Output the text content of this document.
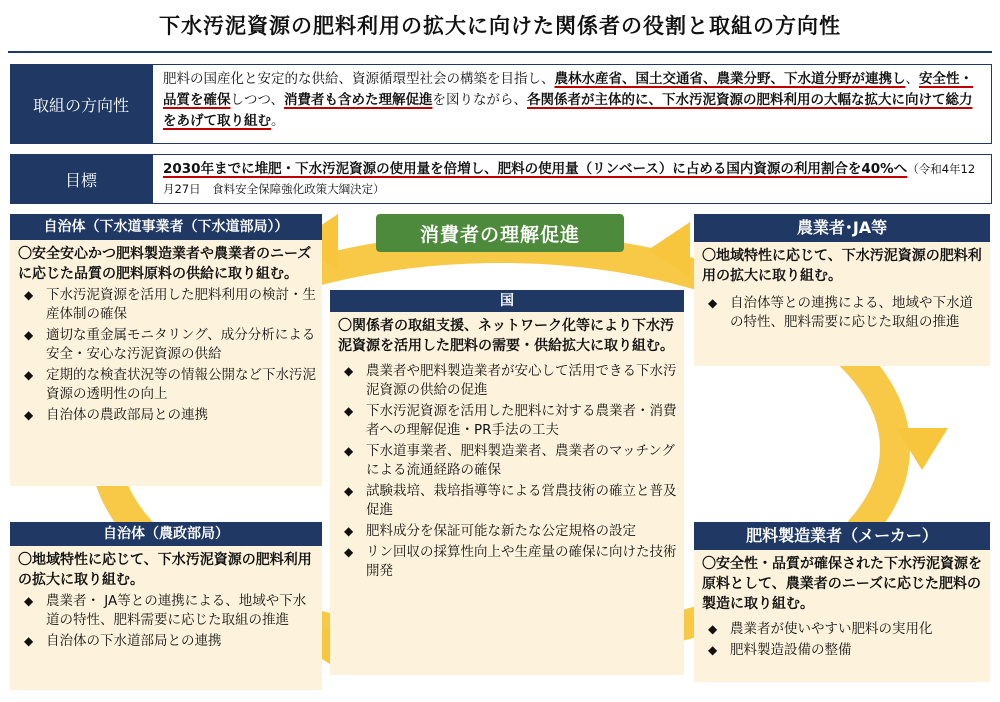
下水汚泥資源の肥料利用の拡大に向けた関係者の役割と取組の方向性
取組の方向性
肥料の国産化と安定的な供給、資源循環型社会の構築を目指し、農林水産省、国土交通省、農業分野、下水道分野が連携し、安全性・品質を確保しつつ、消費者も含めた理解促進を図りながら、各関係者が主体的に、下水汚泥資源の肥料利用の大幅な拡大に向けて総力をあげて取り組む。
目標
2030年までに堆肥・下水汚泥資源の使用量を倍増し、肥料の使用量（リンベース）に占める国内資源の利用割合を40%へ（令和4年12月27日　食料安全保障強化政策大綱決定）
消費者の理解促進
自治体（下水道事業者（下水道部局））
〇安全安心かつ肥料製造業者や農業者のニーズに応じた品質の肥料原料の供給に取り組む。
◆ 下水汚泥資源を活用した肥料利用の検討・生産体制の確保
◆ 適切な重金属モニタリング、成分分析による安全・安心な汚泥資源の供給
◆ 定期的な検査状況等の情報公開など下水汚泥資源の透明性の向上
◆ 自治体の農政部局との連携
自治体（農政部局）
〇地域特性に応じて、下水汚泥資源の肥料利用の拡大に取り組む。
◆ 農業者・ JA等との連携による、地域や下水道の特性、肥料需要に応じた取組の推進
◆ 自治体の下水道部局との連携
国
〇関係者の取組支援、ネットワーク化等により下水汚泥資源を活用した肥料の需要・供給拡大に取り組む。
◆ 農業者や肥料製造業者が安心して活用できる下水汚泥資源の供給の促進
◆ 下水汚泥資源を活用した肥料に対する農業者・消費者への理解促進・PR手法の工夫
◆ 下水道事業者、肥料製造業者、農業者のマッチングによる流通経路の確保
◆ 試験栽培、栽培指導等による営農技術の確立と普及促進
◆ 肥料成分を保証可能な新たな公定規格の設定
◆ リン回収の採算性向上や生産量の確保に向けた技術開発
農業者･JA等
〇地域特性に応じて、下水汚泥資源の肥料利用の拡大に取り組む。
◆ 自治体等との連携による、地域や下水道の特性、肥料需要に応じた取組の推進
肥料製造業者（メーカー）
〇安全性・品質が確保された下水汚泥資源を原料として、農業者のニーズに応じた肥料の製造に取り組む。
◆ 農業者が使いやすい肥料の実用化
◆ 肥料製造設備の整備
